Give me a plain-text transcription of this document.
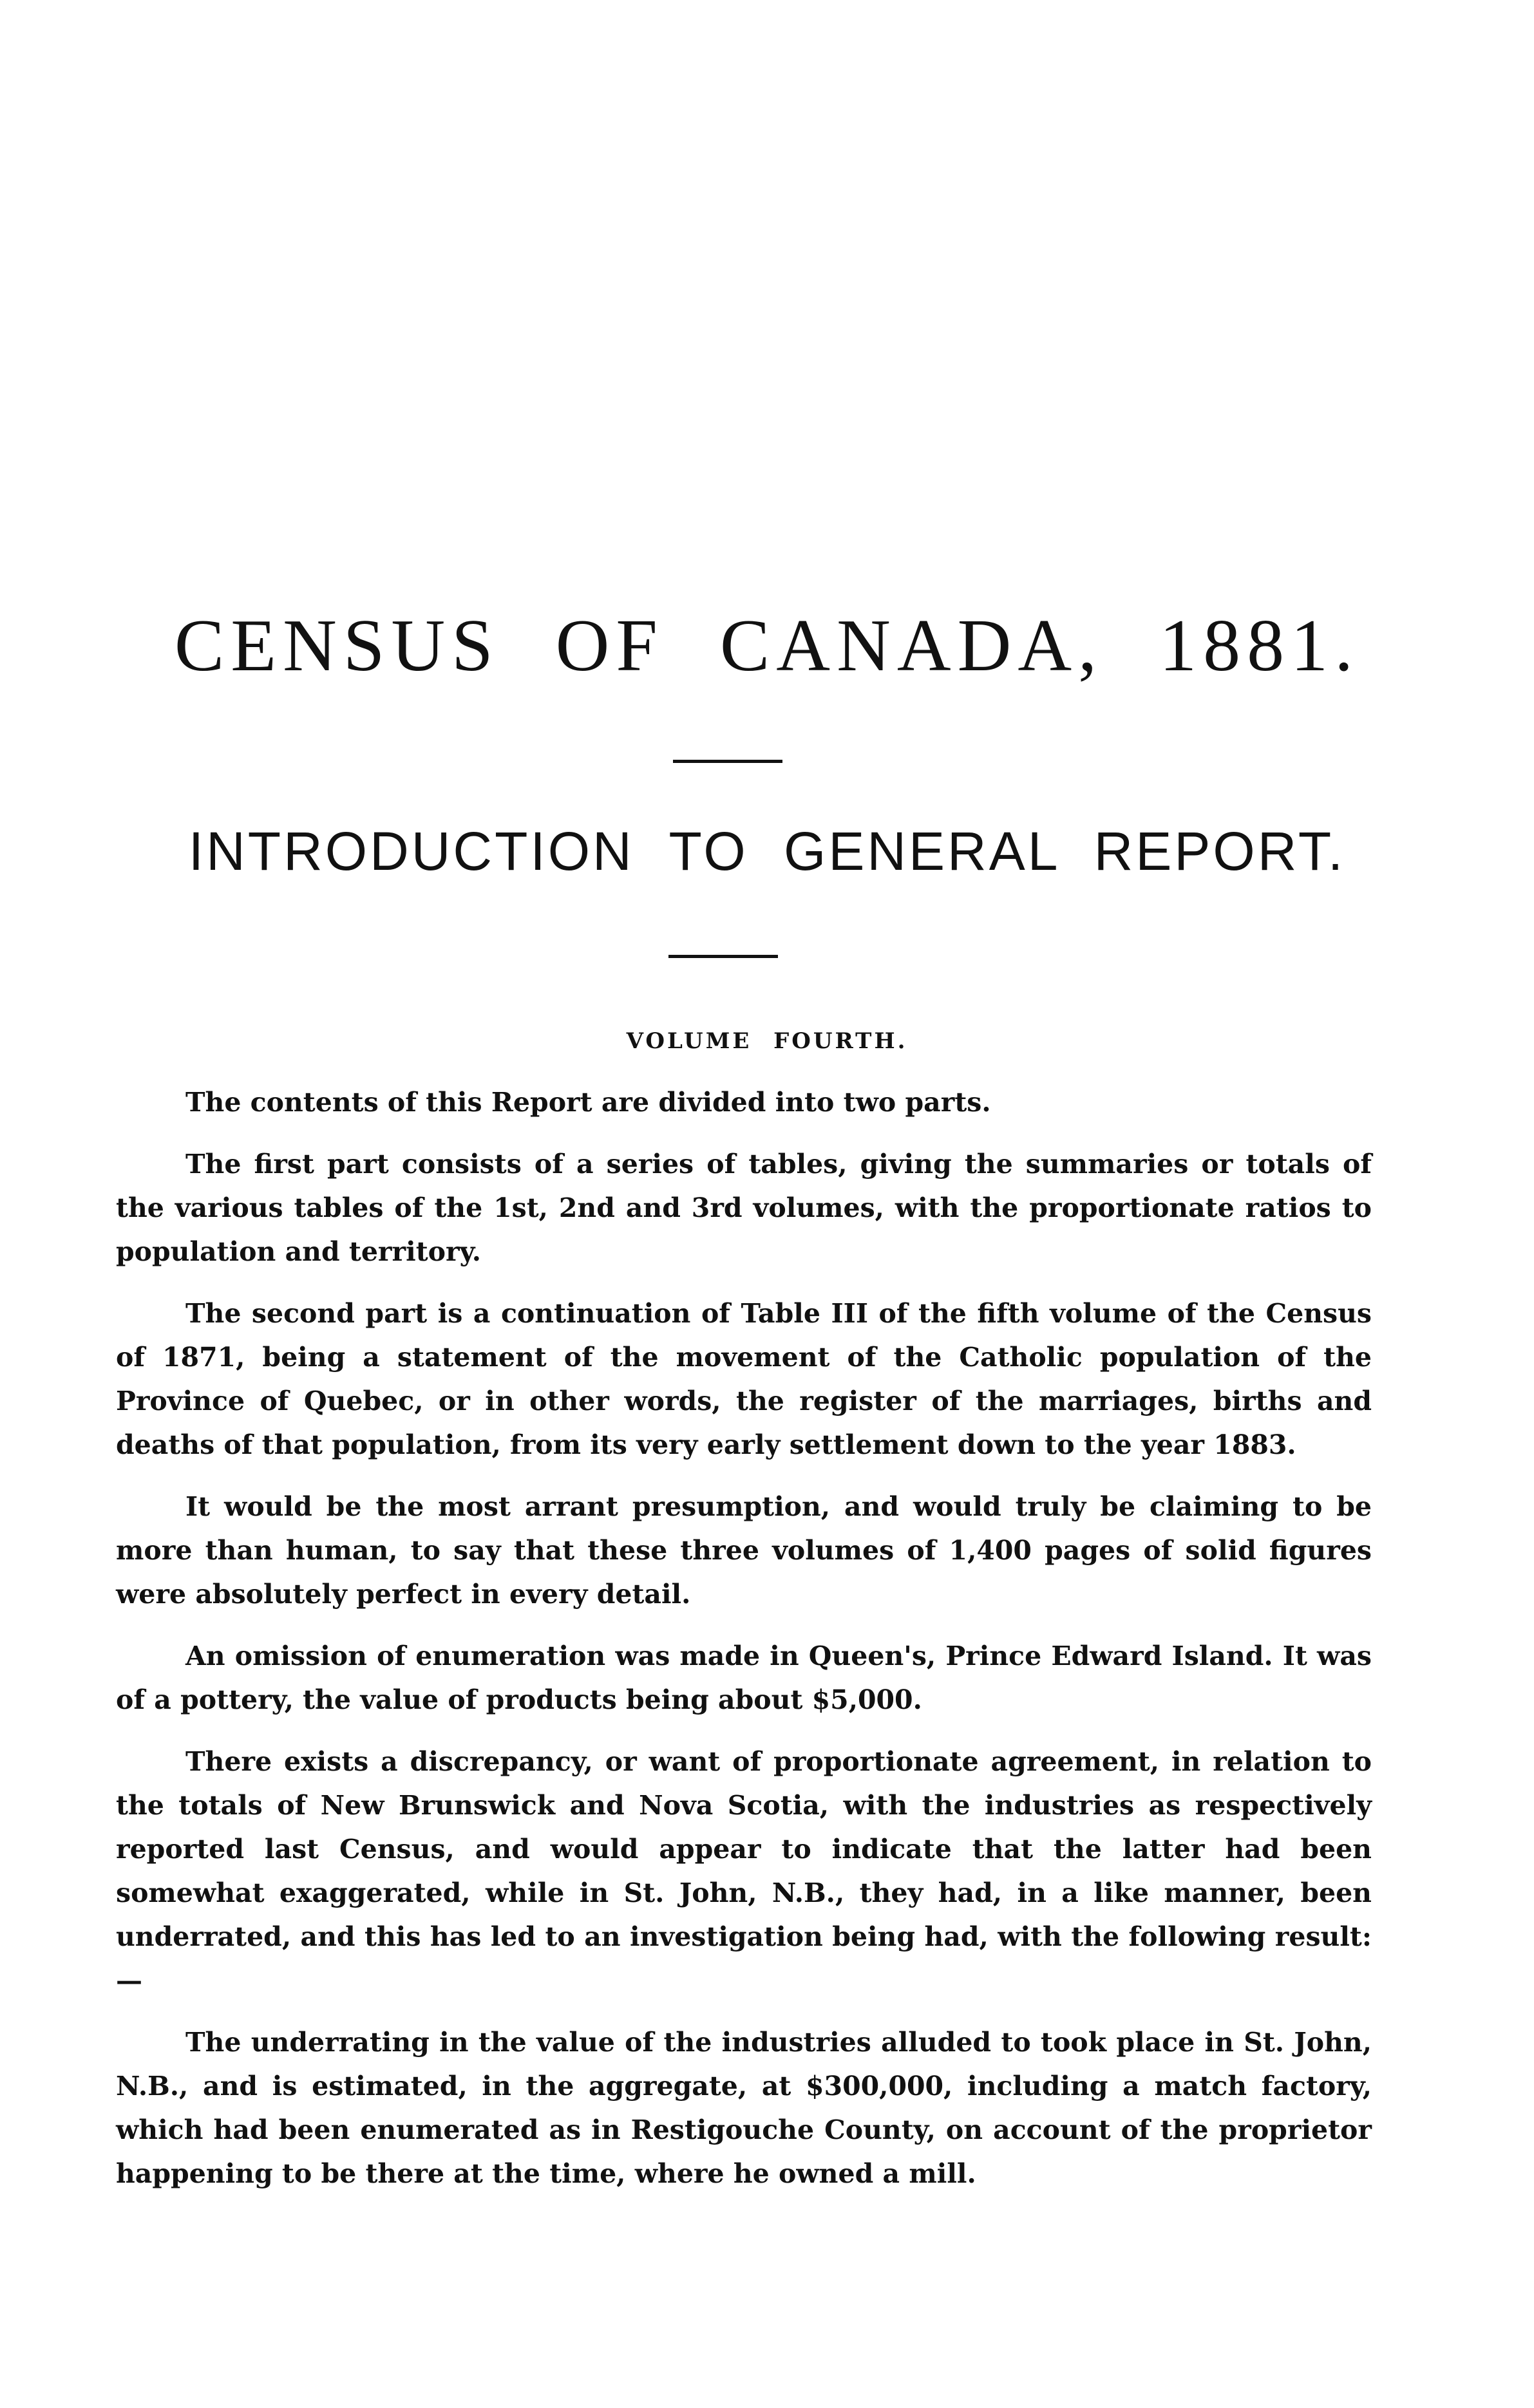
CENSUS OF CANADA, 1881.
INTRODUCTION TO GENERAL REPORT.
VOLUME FOURTH.

The contents of this Report are divided into two parts.

The first part consists of a series of tables, giving the summaries or totals of the various tables of the 1st, 2nd and 3rd volumes, with the proportionate ratios to population and territory.

The second part is a continuation of Table III of the fifth volume of the Census of 1871, being a statement of the movement of the Catholic population of the Province of Quebec, or in other words, the register of the marriages, births and deaths of that population, from its very early settlement down to the year 1883.

It would be the most arrant presumption, and would truly be claiming to be more than human, to say that these three volumes of 1,400 pages of solid figures were absolutely perfect in every detail.

An omission of enumeration was made in Queen's, Prince Edward Island. It was of a pottery, the value of products being about $5,000.

There exists a discrepancy, or want of proportionate agreement, in relation to the totals of New Brunswick and Nova Scotia, with the industries as respectively reported last Census, and would appear to indicate that the latter had been somewhat exaggerated, while in St. John, N.B., they had, in a like manner, been underrated, and this has led to an investigation being had, with the following result:—

The underrating in the value of the industries alluded to took place in St. John, N.B., and is estimated, in the aggregate, at $300,000, including a match factory, which had been enumerated as in Restigouche County, on account of the proprietor happening to be there at the time, where he owned a mill.
